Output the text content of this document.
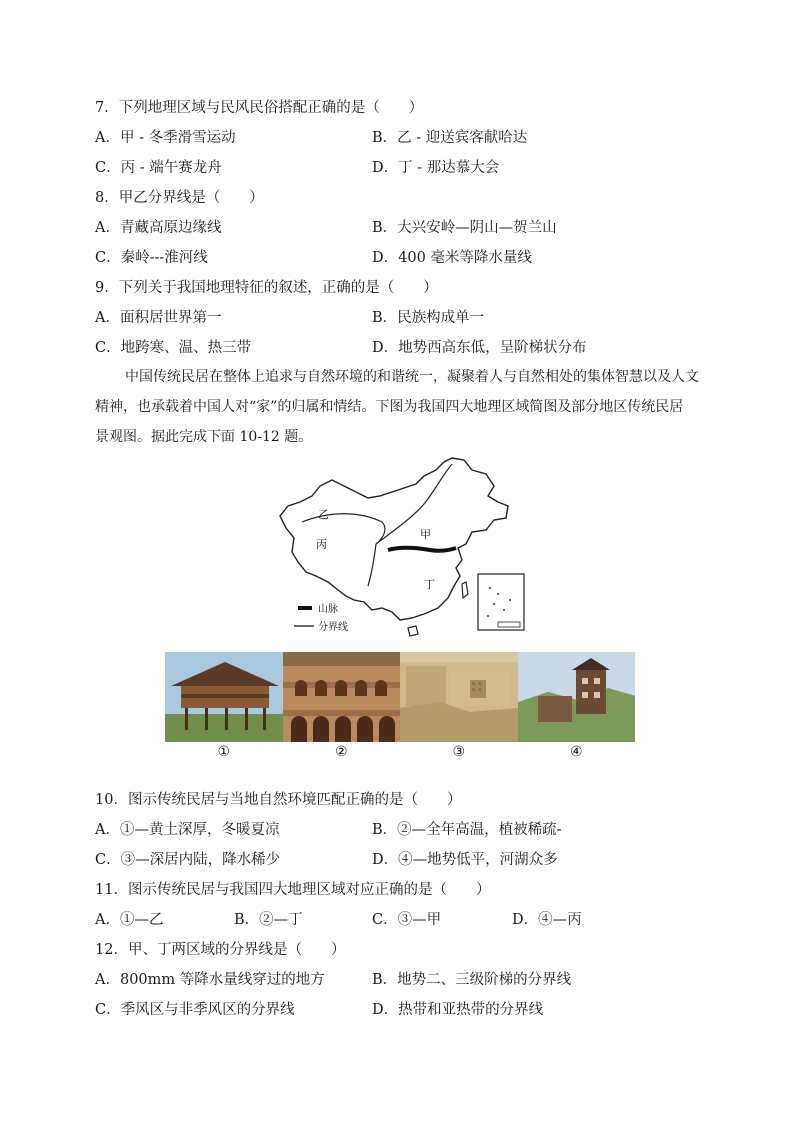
7．下列地理区域与民风民俗搭配正确的是（　　）
A．甲 - 冬季滑雪运动	B．乙 - 迎送宾客献哈达
C．丙 - 端午赛龙舟	D．丁 - 那达慕大会
8．甲乙分界线是（　　）
A．青藏高原边缘线	B．大兴安岭—阴山—贺兰山
C．秦岭---淮河线	D．400 毫米等降水量线
9．下列关于我国地理特征的叙述，正确的是（　　）
A．面积居世界第一	B．民族构成单一
C．地跨寒、温、热三带	D．地势西高东低，呈阶梯状分布
中国传统民居在整体上追求与自然环境的和谐统一，凝聚着人与自然相处的集体智慧以及人文
精神，也承载着中国人对“家”的归属和情结。下图为我国四大地理区域简图及部分地区传统民居
景观图。据此完成下面 10-12 题。
乙
丙
甲
丁
山脉
分界线
①	②	③	④
10．图示传统民居与当地自然环境匹配正确的是（　　）
A．①—黄土深厚，冬暖夏凉	B．②—全年高温，植被稀疏-
C．③—深居内陆，降水稀少	D．④—地势低平，河湖众多
11．图示传统民居与我国四大地理区域对应正确的是（　　）
A．①—乙	B．②—丁	C．③—甲	D．④—丙
12．甲、丁两区域的分界线是（　　）
A．800mm 等降水量线穿过的地方	B．地势二、三级阶梯的分界线
C．季风区与非季风区的分界线	D．热带和亚热带的分界线
